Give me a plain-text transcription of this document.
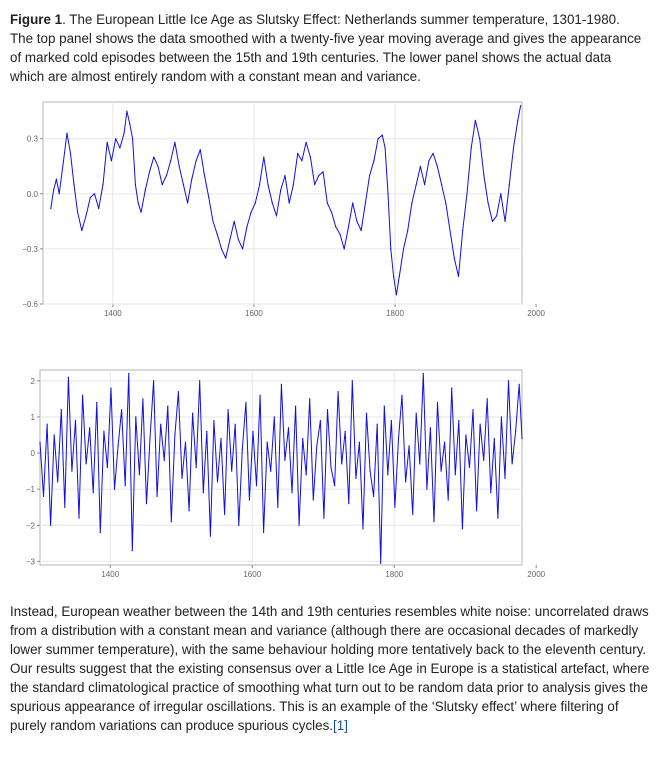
Figure 1. The European Little Ice Age as Slutsky Effect: Netherlands summer temperature, 1301-1980. The top panel shows the data smoothed with a twenty-five year moving average and gives the appearance of marked cold episodes between the 15th and 19th centuries. The lower panel shows the actual data which are almost entirely random with a constant mean and variance.
1400	1600	1800	2000
0.3
0.0
−0.3
−0.6
1400	1600	1800	2000
2
1
0
−1
−2
−3
Instead, European weather between the 14th and 19th centuries resembles white noise: uncorrelated draws from a distribution with a constant mean and variance (although there are occasional decades of markedly lower summer temperature), with the same behaviour holding more tentatively back to the eleventh century. Our results suggest that the existing consensus over a Little Ice Age in Europe is a statistical artefact, where the standard climatological practice of smoothing what turn out to be random data prior to analysis gives the spurious appearance of irregular oscillations. This is an example of the ‘Slutsky effect’ where filtering of purely random variations can produce spurious cycles.[1]
